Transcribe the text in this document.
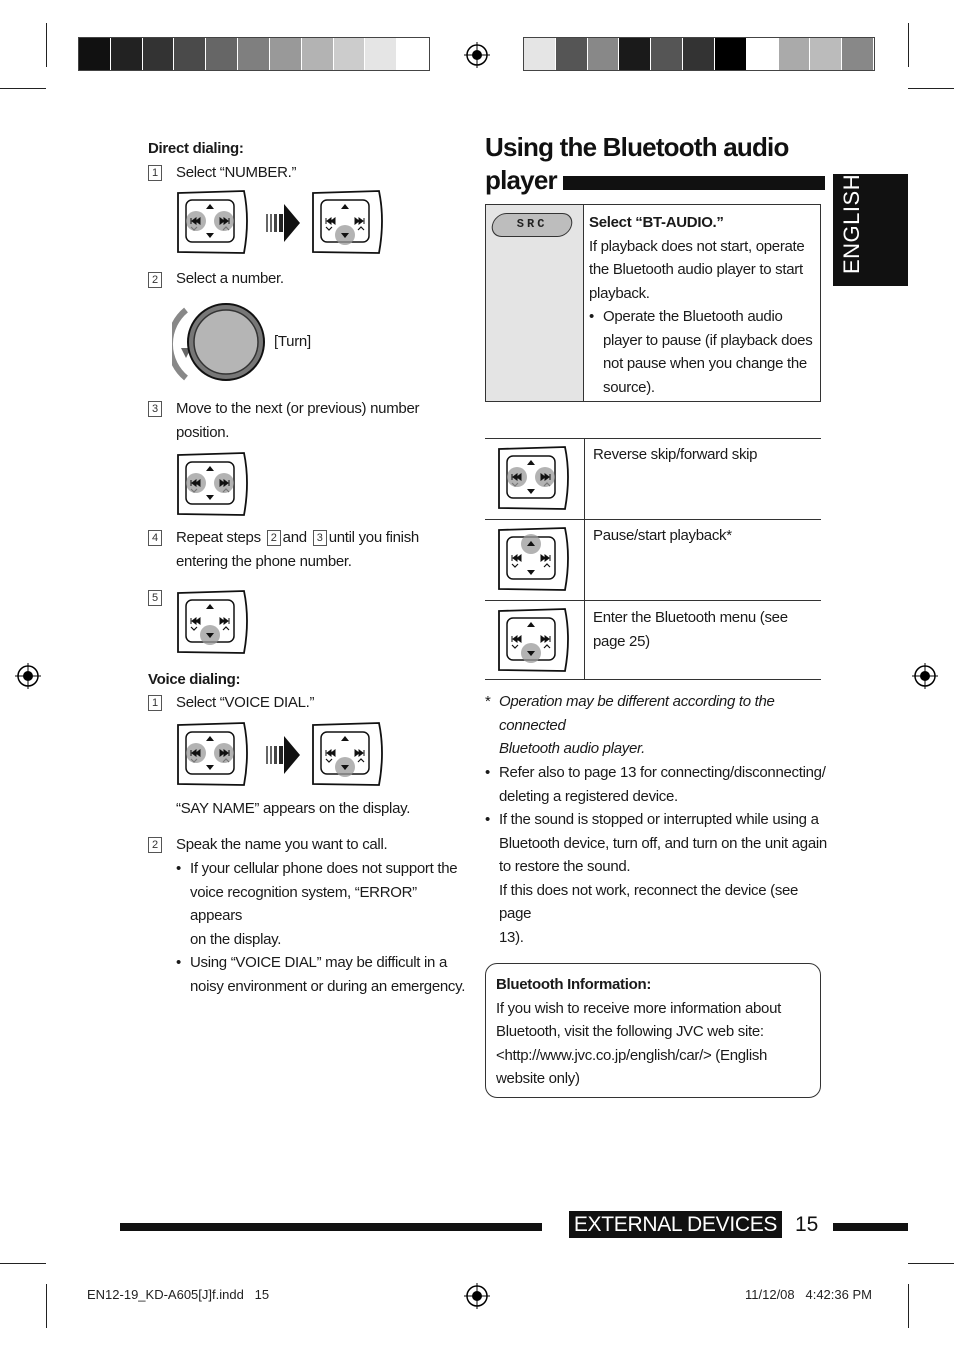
Direct dialing:
1 Select “NUMBER.”
2 Select a number.
[Turn]
3 Move to the next (or previous) number
position.
4 Repeat steps 2 and 3 until you finish
entering the phone number.
5
Voice dialing:
1 Select “VOICE DIAL.”
“SAY NAME” appears on the display.
2 Speak the name you want to call.
• If your cellular phone does not support the
voice recognition system, “ERROR” appears
on the display.
• Using “VOICE DIAL” may be difficult in a
noisy environment or during an emergency.
Using the Bluetooth audio
player	ENGLISH
SRC	Select “BT-AUDIO.”
If playback does not start, operate
the Bluetooth audio player to start
playback.
• Operate the Bluetooth audio
player to pause (if playback does
not pause when you change the
source).
Reverse skip/forward skip
Pause/start playback*
Enter the Bluetooth menu (see
page 25)
* Operation may be different according to the connected
Bluetooth audio player.
• Refer also to page 13 for connecting/disconnecting/
deleting a registered device.
• If the sound is stopped or interrupted while using a
Bluetooth device, turn off, and turn on the unit again
to restore the sound.
If this does not work, reconnect the device (see page
13).
Bluetooth Information:
If you wish to receive more information about
Bluetooth, visit the following JVC web site:
<http://www.jvc.co.jp/english/car/> (English
website only)
EXTERNAL DEVICES 15
EN12-19_KD-A605[J]f.indd   15	11/12/08   4:42:36 PM
